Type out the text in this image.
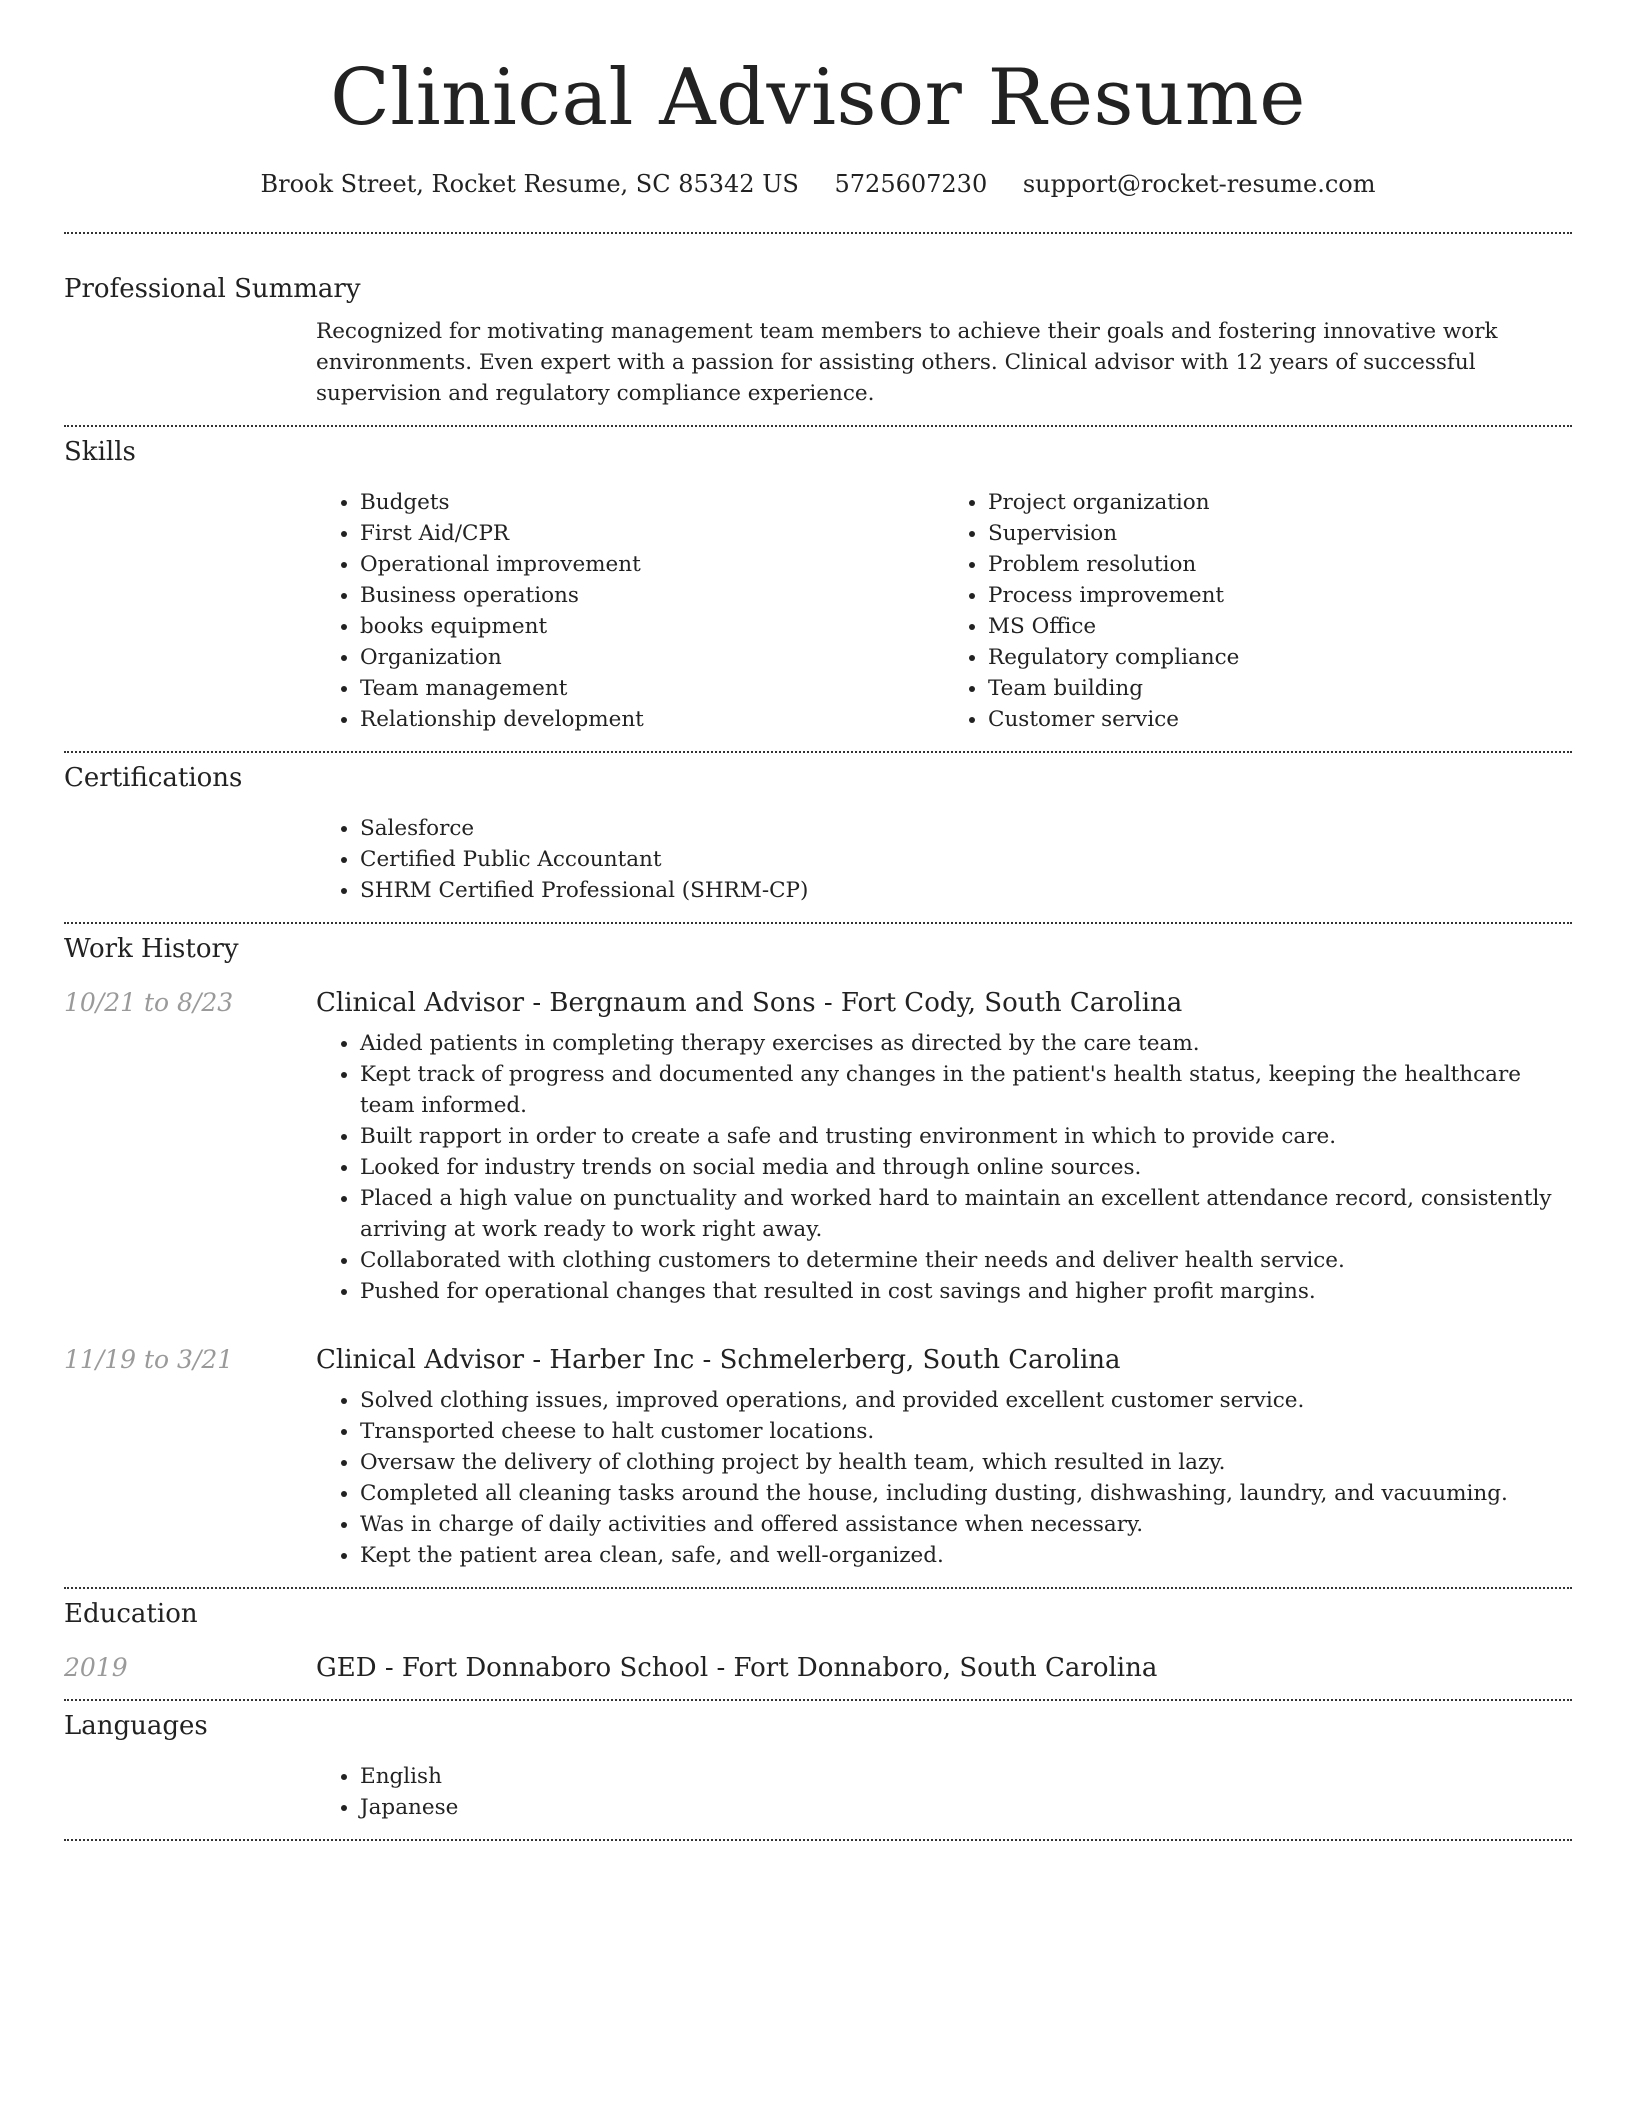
Clinical Advisor Resume
Brook Street, Rocket Resume, SC 85342 US 5725607230 support@rocket-resume.com
Professional Summary
Recognized for motivating management team members to achieve their goals and fostering innovative work environments. Even expert with a passion for assisting others. Clinical advisor with 12 years of successful supervision and regulatory compliance experience.
Skills
• Budgets
• First Aid/CPR
• Operational improvement
• Business operations
• books equipment
• Organization
• Team management
• Relationship development
• Project organization
• Supervision
• Problem resolution
• Process improvement
• MS Office
• Regulatory compliance
• Team building
• Customer service
Certifications
• Salesforce
• Certified Public Accountant
• SHRM Certified Professional (SHRM-CP)
Work History
10/21 to 8/23	Clinical Advisor - Bergnaum and Sons - Fort Cody, South Carolina
• Aided patients in completing therapy exercises as directed by the care team.
• Kept track of progress and documented any changes in the patient's health status, keeping the healthcare team informed.
• Built rapport in order to create a safe and trusting environment in which to provide care.
• Looked for industry trends on social media and through online sources.
• Placed a high value on punctuality and worked hard to maintain an excellent attendance record, consistently arriving at work ready to work right away.
• Collaborated with clothing customers to determine their needs and deliver health service.
• Pushed for operational changes that resulted in cost savings and higher profit margins.
11/19 to 3/21	Clinical Advisor - Harber Inc - Schmelerberg, South Carolina
• Solved clothing issues, improved operations, and provided excellent customer service.
• Transported cheese to halt customer locations.
• Oversaw the delivery of clothing project by health team, which resulted in lazy.
• Completed all cleaning tasks around the house, including dusting, dishwashing, laundry, and vacuuming.
• Was in charge of daily activities and offered assistance when necessary.
• Kept the patient area clean, safe, and well-organized.
Education
2019	GED - Fort Donnaboro School - Fort Donnaboro, South Carolina
Languages
• English
• Japanese
